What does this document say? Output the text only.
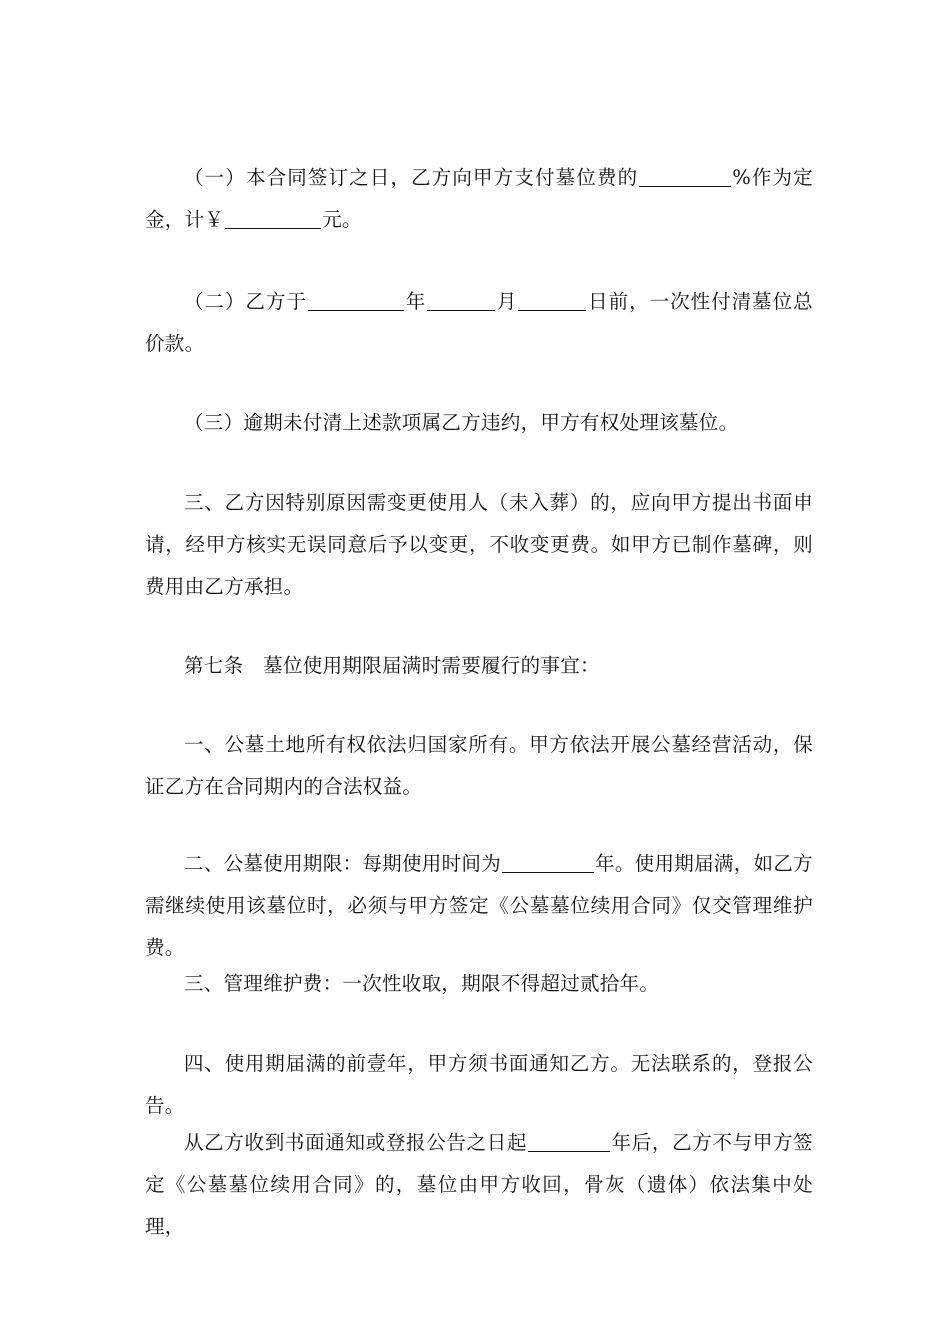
（一）本合同签订之日，乙方向甲方支付墓位费的	%作为定金，计￥	元。

（二）乙方于	年	月	日前，一次性付清墓位总价款。

（三）逾期未付清上述款项属乙方违约，甲方有权处理该墓位。

三、乙方因特别原因需变更使用人（未入葬）的，应向甲方提出书面申请，经甲方核实无误同意后予以变更，不收变更费。如甲方已制作墓碑，则费用由乙方承担。

第七条　墓位使用期限届满时需要履行的事宜：

一、公墓土地所有权依法归国家所有。甲方依法开展公墓经营活动，保证乙方在合同期内的合法权益。

二、公墓使用期限：每期使用时间为	年。使用期届满，如乙方需继续使用该墓位时，必须与甲方签定《公墓墓位续用合同》仅交管理维护费。

三、管理维护费：一次性收取，期限不得超过贰拾年。

四、使用期届满的前壹年，甲方须书面通知乙方。无法联系的，登报公告。

从乙方收到书面通知或登报公告之日起	年后，乙方不与甲方签定《公墓墓位续用合同》的，墓位由甲方收回，骨灰（遗体）依法集中处理，
